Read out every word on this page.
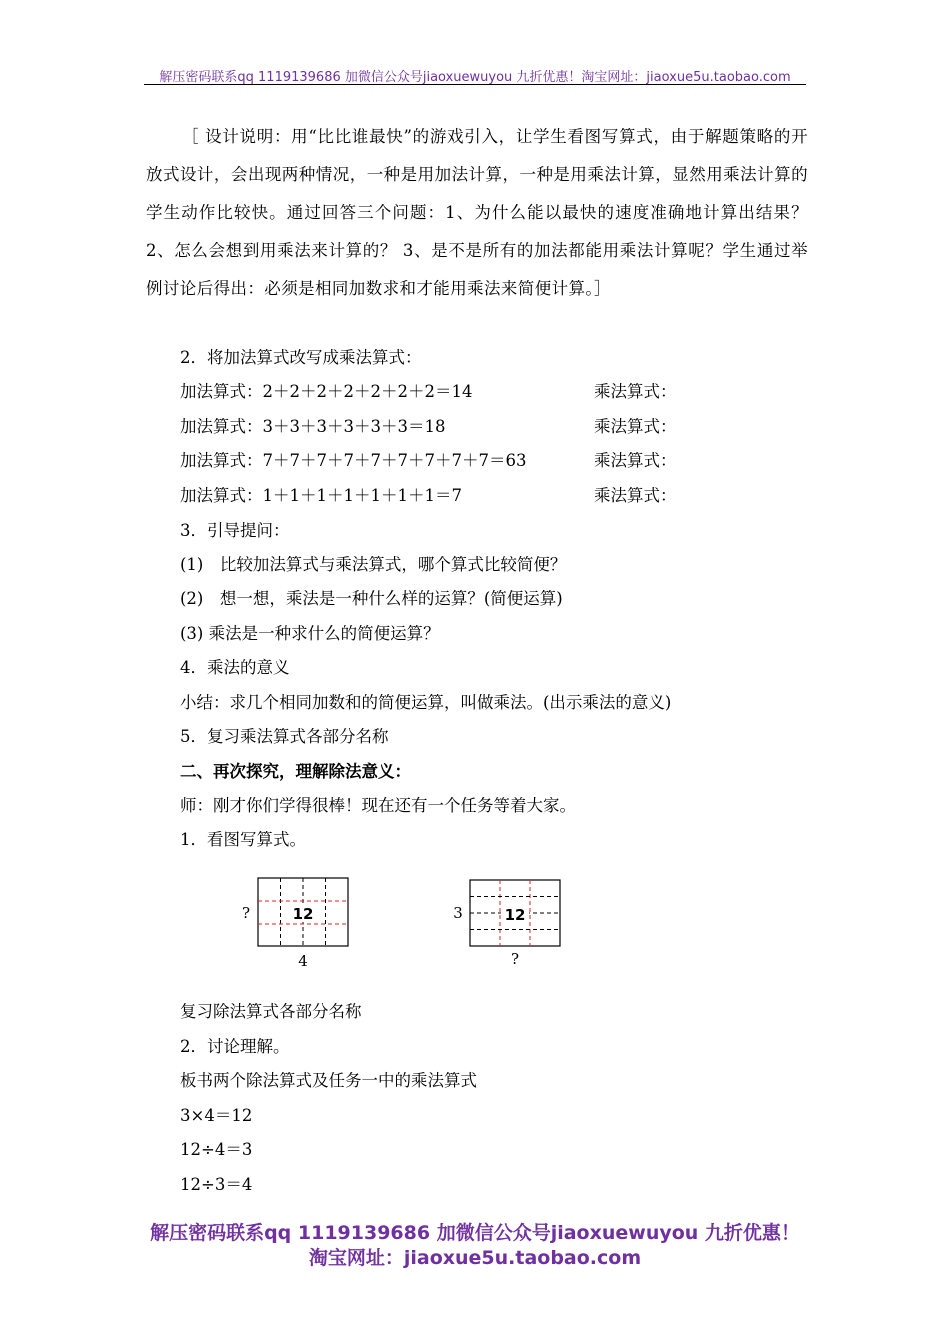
解压密码联系qq 1119139686 加微信公众号jiaoxuewuyou 九折优惠！淘宝网址：jiaoxue5u.taobao.com
［ 设计说明：用“比比谁最快”的游戏引入，让学生看图写算式，由于解题策略的开放式设计，会出现两种情况，一种是用加法计算，一种是用乘法计算，显然用乘法计算的学生动作比较快。通过回答三个问题：1、为什么能以最快的速度准确地计算出结果？ 2、怎么会想到用乘法来计算的？ 3、是不是所有的加法都能用乘法计算呢？学生通过举例讨论后得出：必须是相同加数求和才能用乘法来简便计算。］
2．将加法算式改写成乘法算式：
加法算式：2＋2＋2＋2＋2＋2＋2＝14	乘法算式：
加法算式：3＋3＋3＋3＋3＋3＝18	乘法算式：
加法算式：7＋7＋7＋7＋7＋7＋7＋7＋7＝63	乘法算式：
加法算式：1＋1＋1＋1＋1＋1＋1＝7	乘法算式：
3．引导提问：
(1)　比较加法算式与乘法算式，哪个算式比较简便？
(2)　想一想，乘法是一种什么样的运算？(简便运算)
(3) 乘法是一种求什么的简便运算？
4．乘法的意义
小结：求几个相同加数和的简便运算，叫做乘法。(出示乘法的意义)
5．复习乘法算式各部分名称
二、再次探究，理解除法意义：
师：刚才你们学得很棒！现在还有一个任务等着大家。
1．看图写算式。
12
?
4
12
3
?
复习除法算式各部分名称
2．讨论理解。
板书两个除法算式及任务一中的乘法算式
3×4＝12
12÷4＝3
12÷3＝4
解压密码联系qq 1119139686 加微信公众号jiaoxuewuyou 九折优惠！
淘宝网址：jiaoxue5u.taobao.com
